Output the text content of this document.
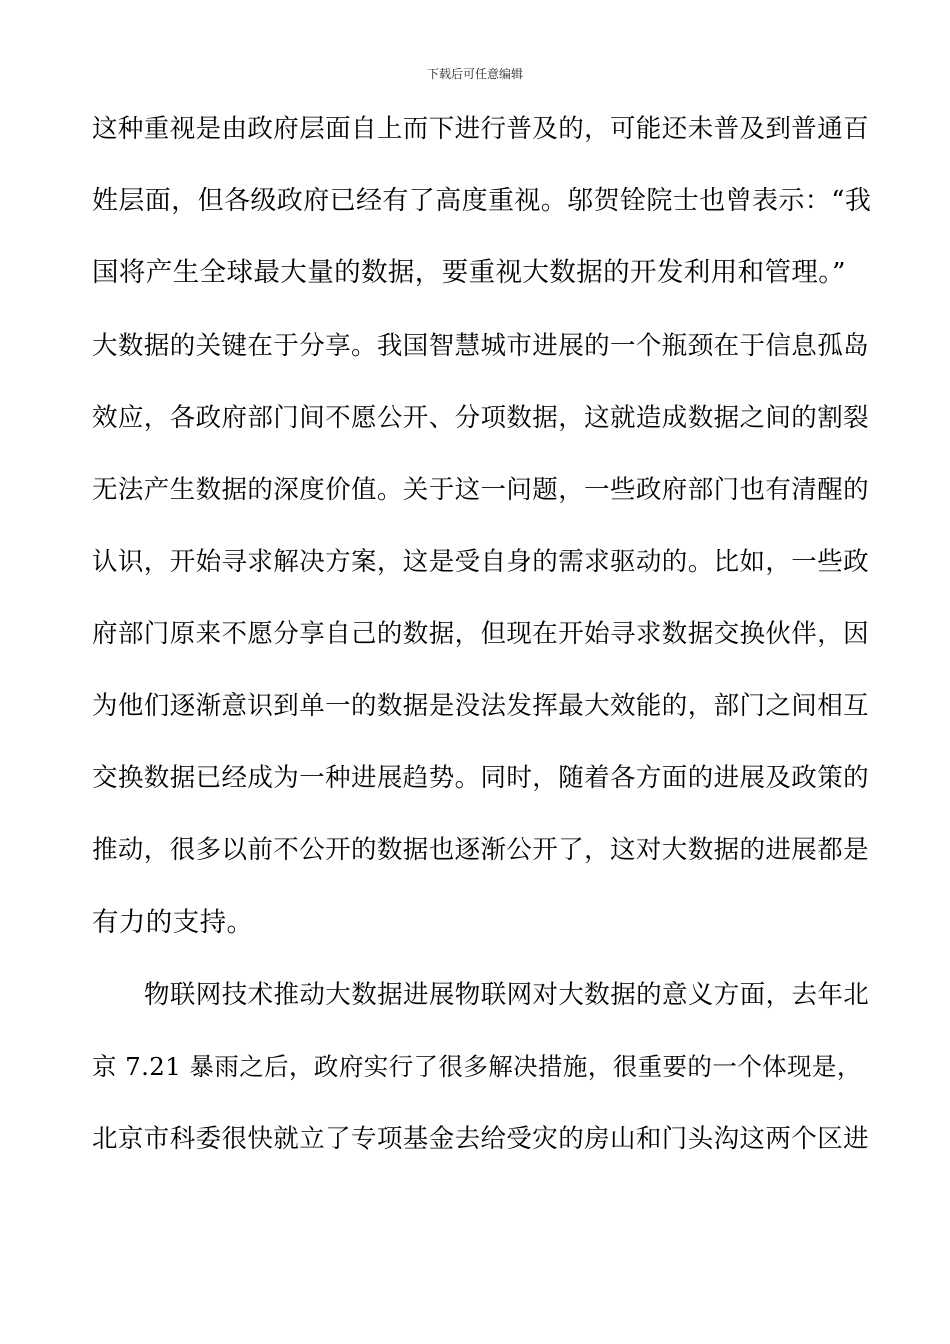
下载后可任意编辑
这种重视是由政府层面自上而下进行普及的，可能还未普及到普通百
姓层面，但各级政府已经有了高度重视。邬贺铨院士也曾表示：“我
国将产生全球最大量的数据，要重视大数据的开发利用和管理。”
大数据的关键在于分享。我国智慧城市进展的一个瓶颈在于信息孤岛
效应，各政府部门间不愿公开、分项数据，这就造成数据之间的割裂
无法产生数据的深度价值。关于这一问题，一些政府部门也有清醒的
认识，开始寻求解决方案，这是受自身的需求驱动的。比如，一些政
府部门原来不愿分享自己的数据，但现在开始寻求数据交换伙伴，因
为他们逐渐意识到单一的数据是没法发挥最大效能的，部门之间相互
交换数据已经成为一种进展趋势。同时，随着各方面的进展及政策的
推动，很多以前不公开的数据也逐渐公开了，这对大数据的进展都是
有力的支持。
物联网技术推动大数据进展物联网对大数据的意义方面，去年北
京 7.21 暴雨之后，政府实行了很多解决措施，很重要的一个体现是，
北京市科委很快就立了专项基金去给受灾的房山和门头沟这两个区进
